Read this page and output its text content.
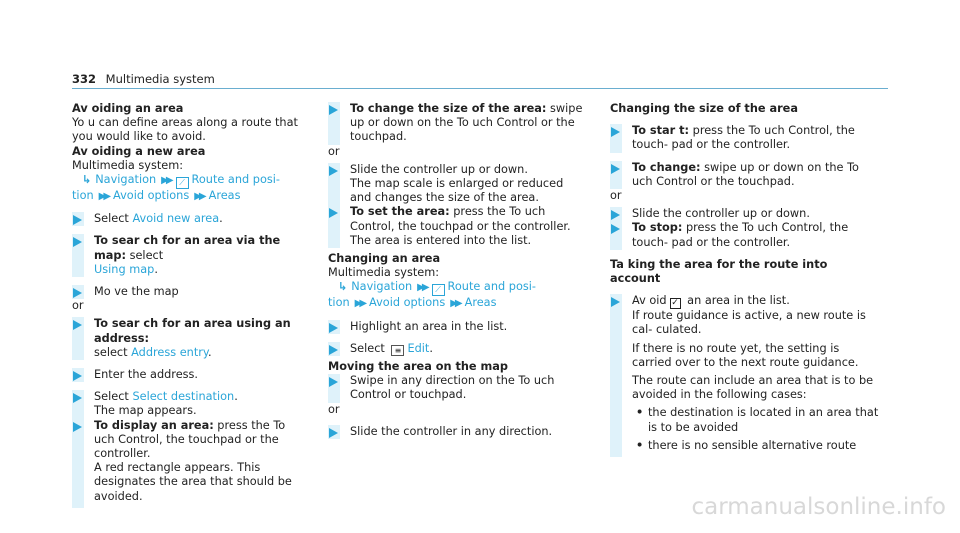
332 Multimedia system
Av oiding an area
Yo u can define areas along a route that you would like to avoid.
Av oiding a new area
Multimedia system:
↳ Navigation ▶▶ ⟋ Route and posi-
tion ▶▶ Avoid options ▶▶ Areas
Select Avoid new area.
To sear ch for an area via the map: select
Using map.
Mo ve the map
or
To sear ch for an area using an address:
select Address entry.
Enter the address.
Select Select destination.
The map appears.
To display an area: press the To uch Control, the touchpad or the controller.
A red rectangle appears. This designates the area that should be avoided.
To change the size of the area: swipe up or down on the To uch Control or the touchpad.
or
Slide the controller up or down.
The map scale is enlarged or reduced and changes the size of the area.
To set the area: press the To uch Control, the touchpad or the controller.
The area is entered into the list.
Changing an area
Multimedia system:
↳ Navigation ▶▶ ⟋ Route and posi-
tion ▶▶ Avoid options ▶▶ Areas
Highlight an area in the list.
Select ≡ Edit.
Moving the area on the map
Swipe in any direction on the To uch Control or touchpad.
or
Slide the controller in any direction.
Changing the size of the area
To star t: press the To uch Control, the touch- pad or the controller.
To change: swipe up or down on the To uch Control or the touchpad.
or
Slide the controller up or down.
To stop: press the To uch Control, the touch- pad or the controller.
Ta king the area for the route into account
Av oid ✓ an area in the list.
If route guidance is active, a new route is cal- culated.
If there is no route yet, the setting is carried over to the next route guidance.
The route can include an area that is to be avoided in the following cases:
• the destination is located in an area that is to be avoided
• there is no sensible alternative route
carmanualsonline.info
